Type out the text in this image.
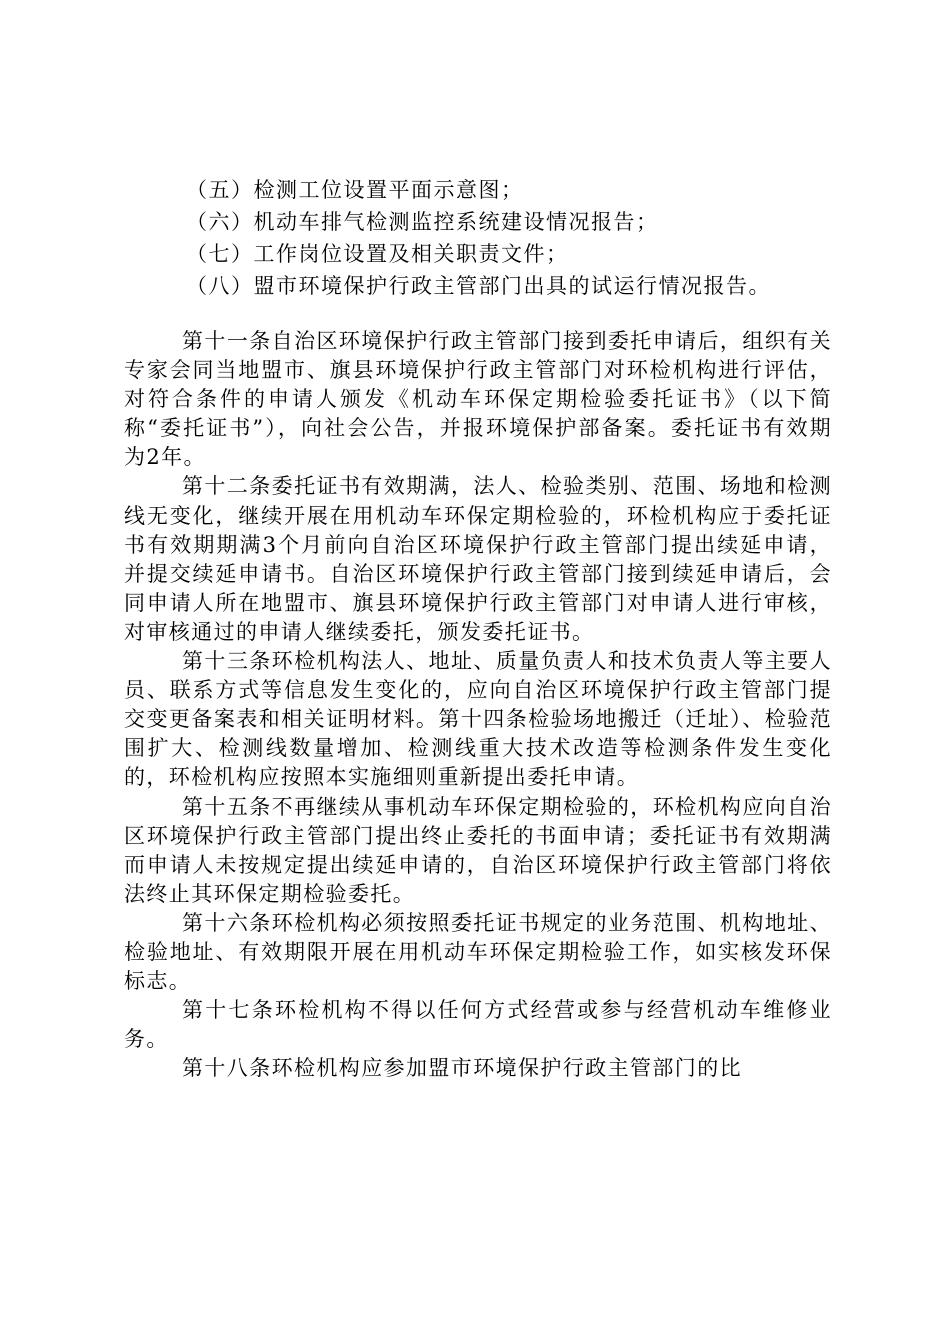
（五）检测工位设置平面示意图；
（六）机动车排气检测监控系统建设情况报告；
（七）工作岗位设置及相关职责文件；
（八）盟市环境保护行政主管部门出具的试运行情况报告。

第十一条自治区环境保护行政主管部门接到委托申请后，组织有关专家会同当地盟市、旗县环境保护行政主管部门对环检机构进行评估，对符合条件的申请人颁发《机动车环保定期检验委托证书》（以下简称“委托证书”），向社会公告，并报环境保护部备案。委托证书有效期为2年。

第十二条委托证书有效期满，法人、检验类别、范围、场地和检测线无变化，继续开展在用机动车环保定期检验的，环检机构应于委托证书有效期期满3个月前向自治区环境保护行政主管部门提出续延申请，并提交续延申请书。自治区环境保护行政主管部门接到续延申请后，会同申请人所在地盟市、旗县环境保护行政主管部门对申请人进行审核，对审核通过的申请人继续委托，颁发委托证书。

第十三条环检机构法人、地址、质量负责人和技术负责人等主要人员、联系方式等信息发生变化的，应向自治区环境保护行政主管部门提交变更备案表和相关证明材料。第十四条检验场地搬迁（迁址）、检验范围扩大、检测线数量增加、检测线重大技术改造等检测条件发生变化的，环检机构应按照本实施细则重新提出委托申请。

第十五条不再继续从事机动车环保定期检验的，环检机构应向自治区环境保护行政主管部门提出终止委托的书面申请；委托证书有效期满而申请人未按规定提出续延申请的，自治区环境保护行政主管部门将依法终止其环保定期检验委托。

第十六条环检机构必须按照委托证书规定的业务范围、机构地址、检验地址、有效期限开展在用机动车环保定期检验工作，如实核发环保标志。

第十七条环检机构不得以任何方式经营或参与经营机动车维修业务。

第十八条环检机构应参加盟市环境保护行政主管部门的比
